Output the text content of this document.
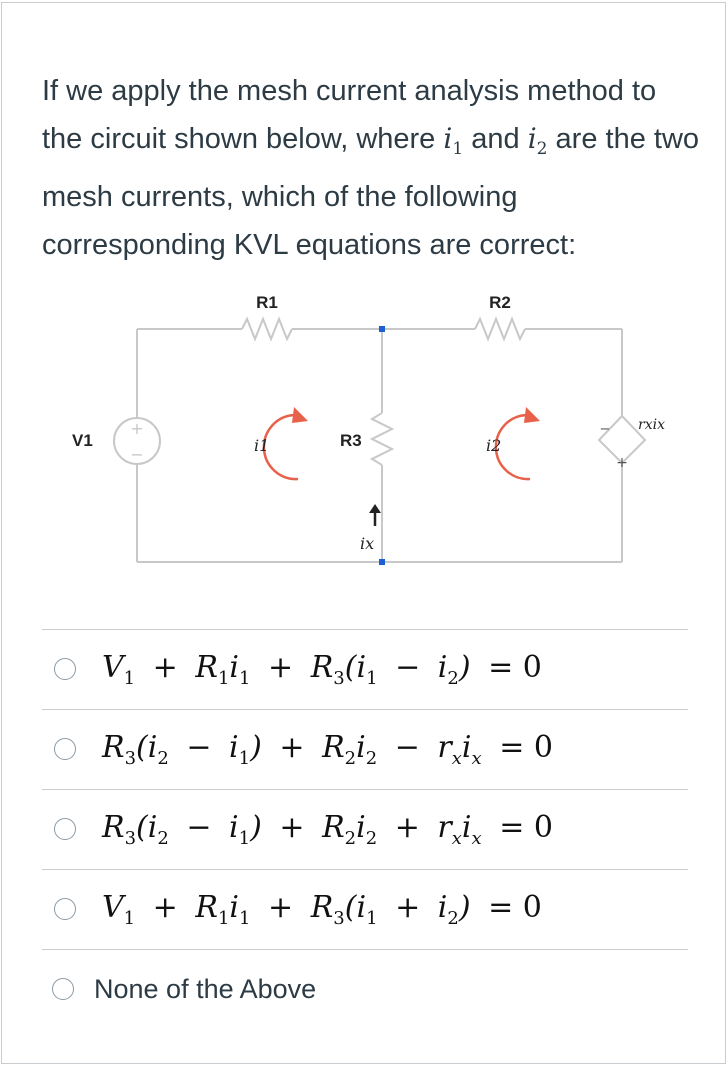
If we apply the mesh current analysis method to the circuit shown below, where $i_1$ and $i_2$ are the two mesh currents, which of the following corresponding KVL equations are correct:
+
−
−
+
R1	R2
R3
V1	i1	i2
ix
rxix
$V_1 + R_1i_1 + R_3(i_1 - i_2) = 0$
$R_3(i_2 - i_1) + R_2i_2 - r_xi_x = 0$
$R_3(i_2 - i_1) + R_2i_2 + r_xi_x = 0$
$V_1 + R_1i_1 + R_3(i_1 + i_2) = 0$
None of the Above
